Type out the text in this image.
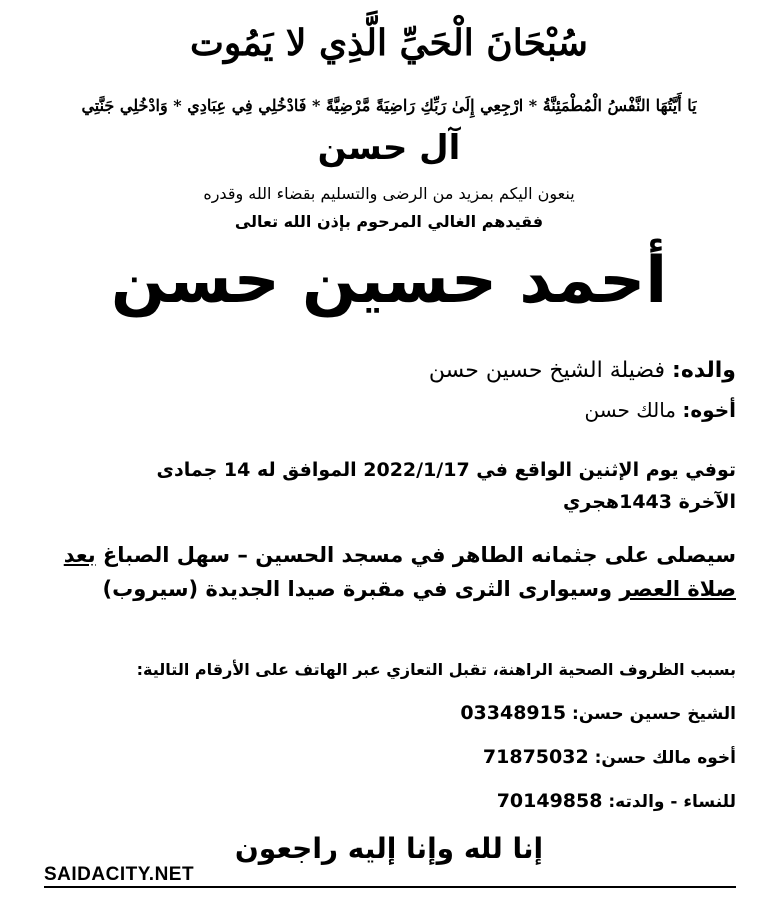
سُبْحَانَ الْحَيِّ الَّذِي لا يَمُوت
يَا أَيَّتُهَا النَّفْسُ الْمُطْمَئِنَّةُ * ارْجِعِي إِلَىٰ رَبِّكِ رَاضِيَةً مَّرْضِيَّةً * فَادْخُلِي فِي عِبَادِي * وَادْخُلِي جَنَّتِي
آل حسن
ينعون اليكم بمزيد من الرضى والتسليم بقضاء الله وقدره
فقيدهم الغالي المرحوم بإذن الله تعالى
أحمد حسين حسن
والده: فضيلة الشيخ حسين حسن
أخوه: مالك حسن
توفي يوم الإثنين الواقع في 2022/1/17 الموافق له 14 جمادى الآخرة 1443هجري
سيصلى على جثمانه الطاهر في مسجد الحسين – سهل الصباغ بعد صلاة العصر وسيوارى الثرى في مقبرة صيدا الجديدة (سيروب)
بسبب الظروف الصحية الراهنة، تقبل التعازي عبر الهاتف على الأرقام التالية:
الشيخ حسين حسن: 03348915
أخوه مالك حسن: 71875032
للنساء - والدته: 70149858
إنا لله وإنا إليه راجعون
SAIDACITY.NET
